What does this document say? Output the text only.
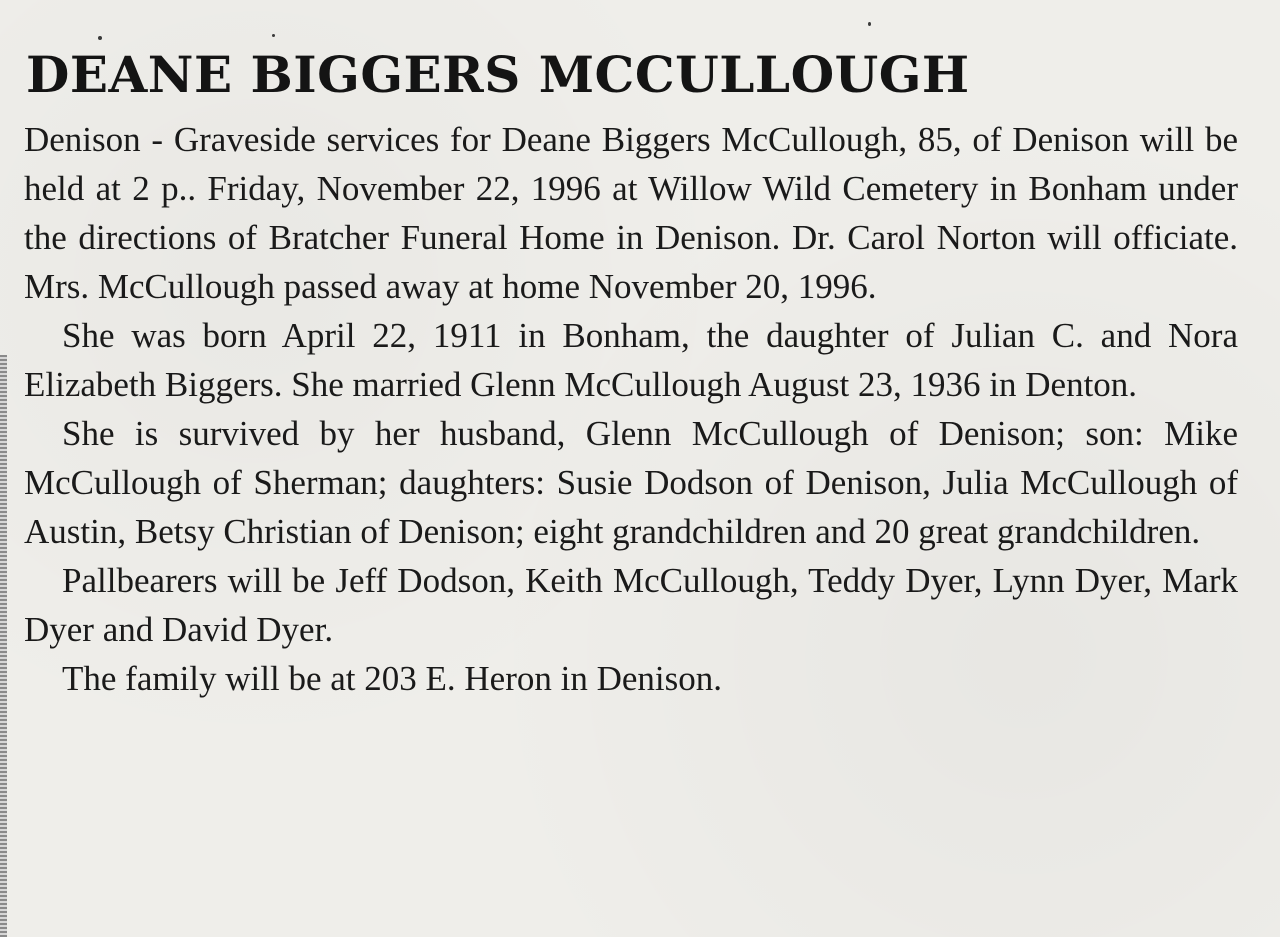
DEANE BIGGERS MCCULLOUGH

Denison - Graveside services for Deane Biggers McCullough, 85, of Denison will be held at 2 p.. Friday, November 22, 1996 at Willow Wild Cemetery in Bonham under the directions of Bratcher Funeral Home in Denison. Dr. Carol Norton will officiate. Mrs. McCullough passed away at home November 20, 1996.

She was born April 22, 1911 in Bonham, the daughter of Julian C. and Nora Elizabeth Biggers. She married Glenn McCullough August 23, 1936 in Denton.

She is survived by her husband, Glenn McCullough of Denison; son: Mike McCullough of Sherman; daughters: Susie Dodson of Denison, Julia McCullough of Austin, Betsy Christian of Denison; eight grandchildren and 20 great grandchildren.

Pallbearers will be Jeff Dodson, Keith McCullough, Teddy Dyer, Lynn Dyer, Mark Dyer and David Dyer.

The family will be at 203 E. Heron in Denison.
